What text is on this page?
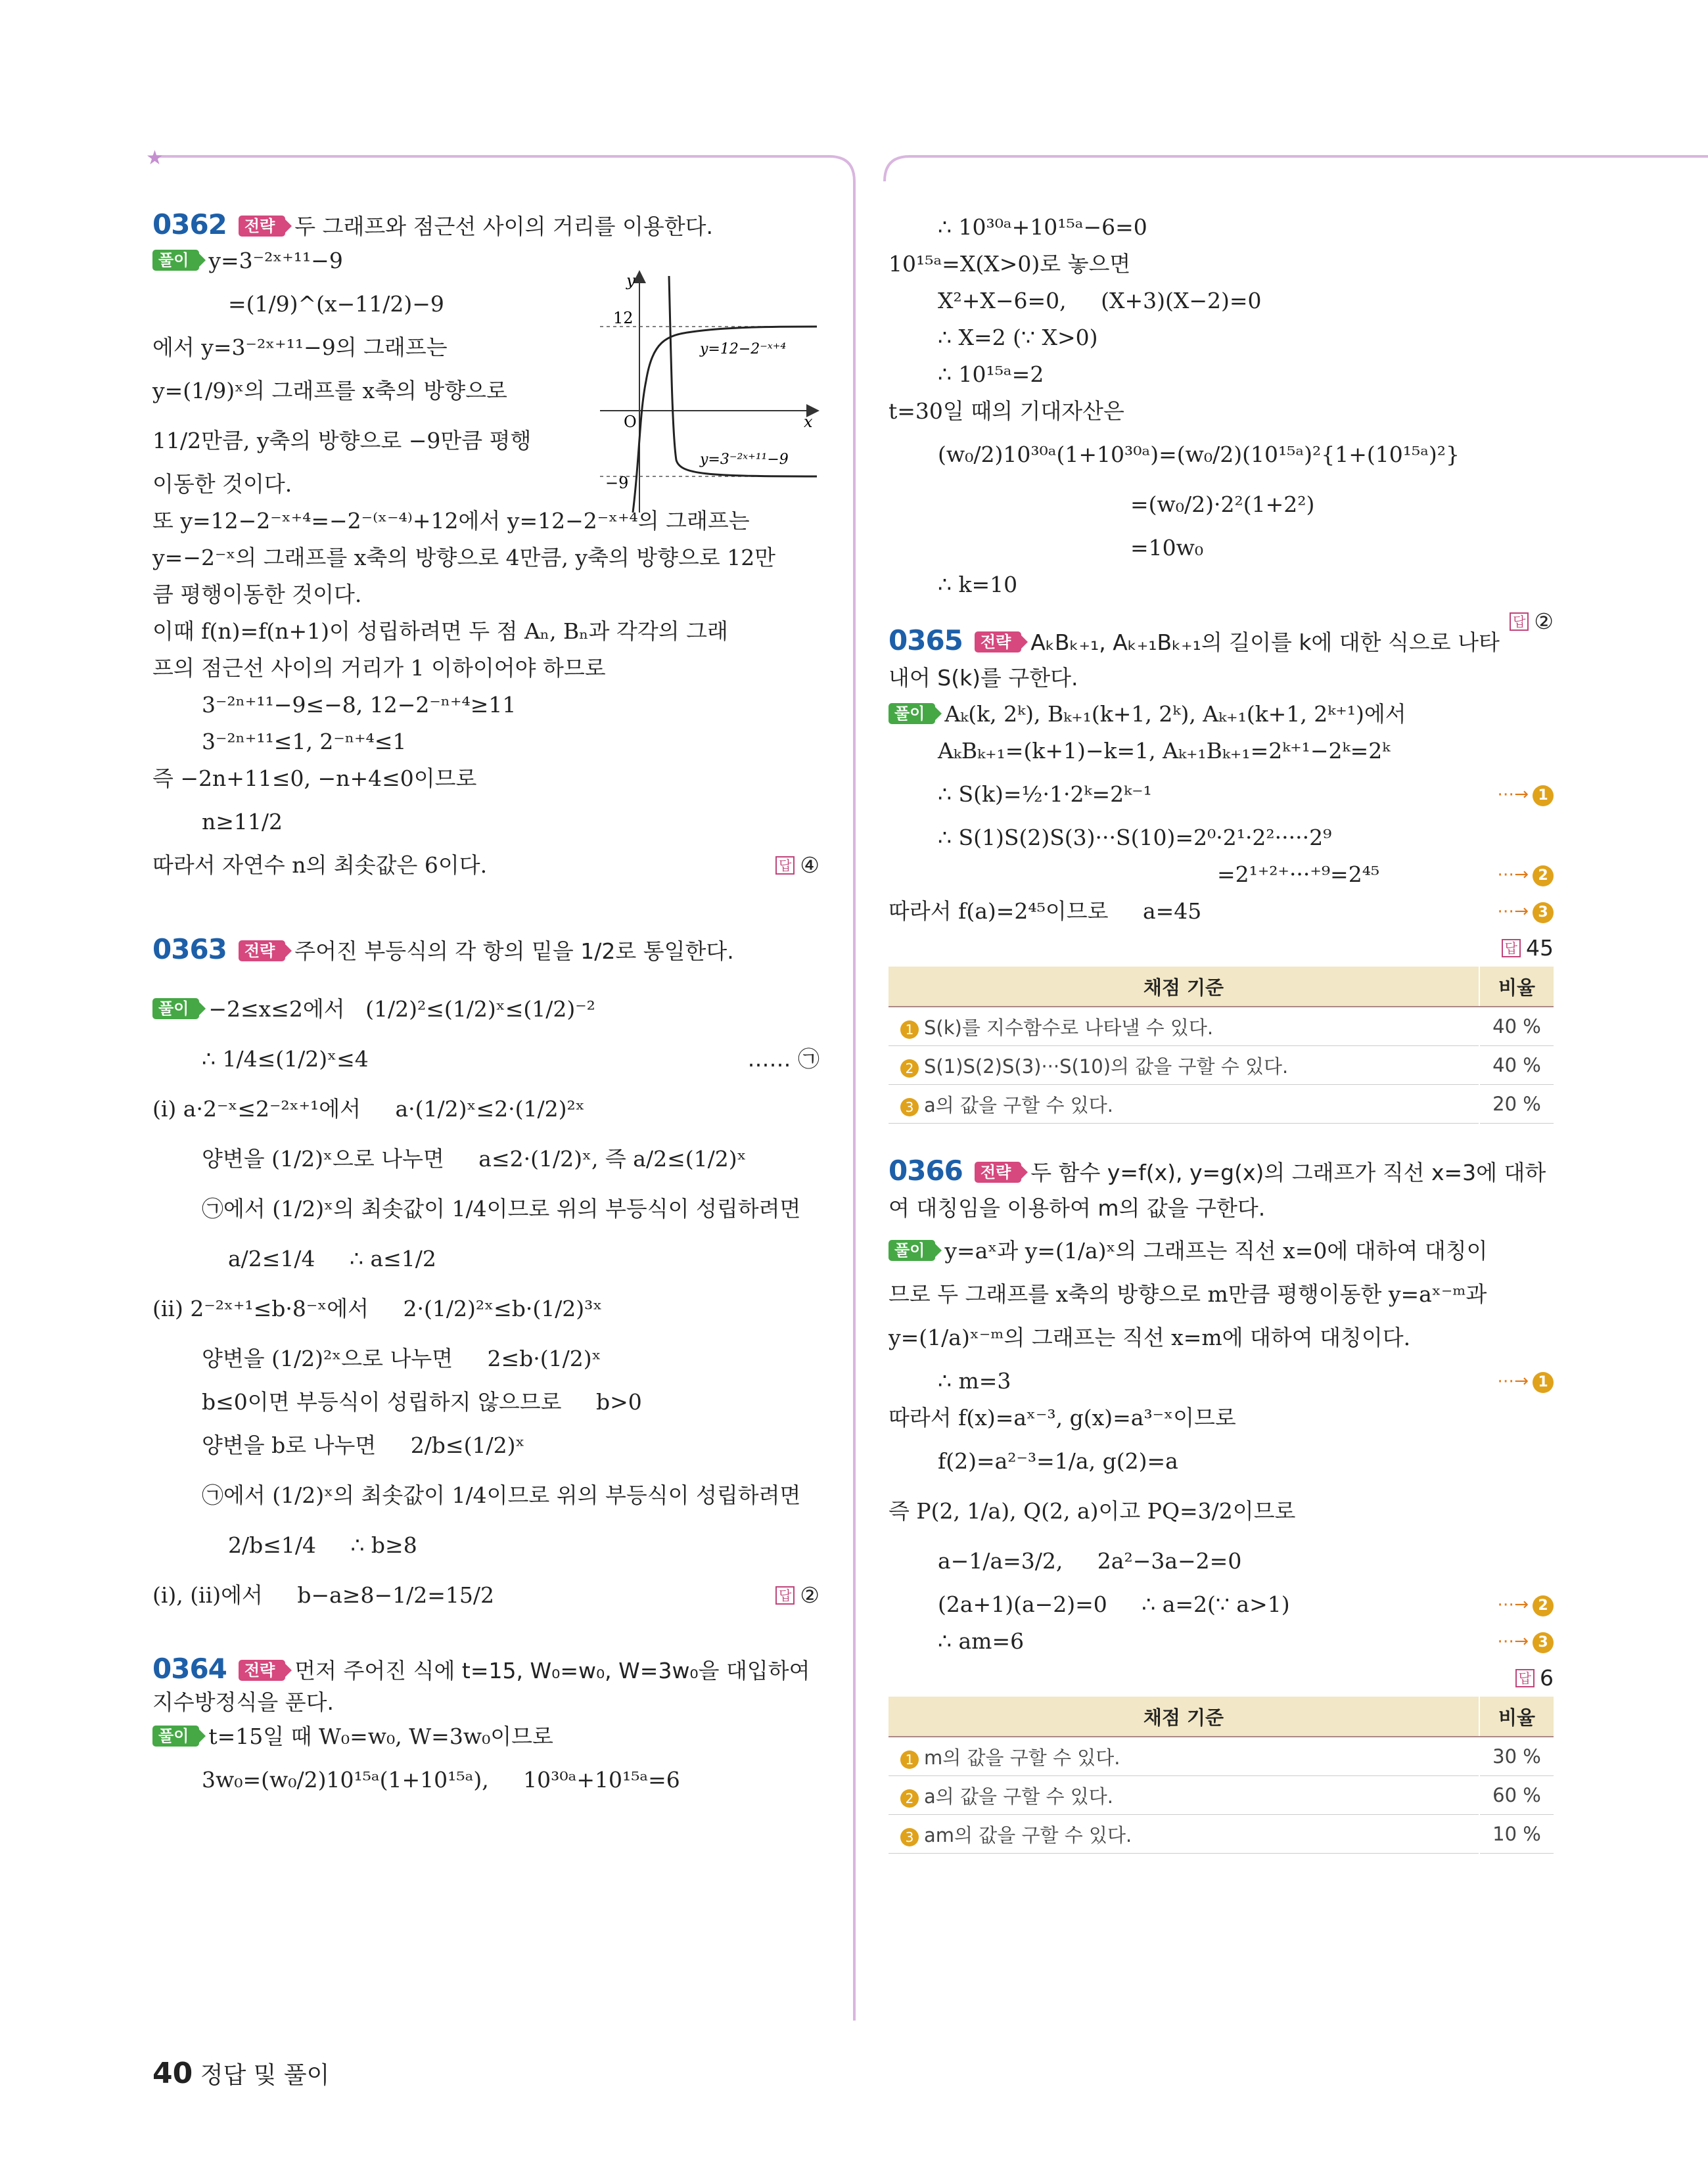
★

0362 전략 두 그래프와 점근선 사이의 거리를 이용한다.

풀이 y=3⁻²ˣ⁺¹¹−9

=(1/9)^(x−11/2)−9

에서 y=3⁻²ˣ⁺¹¹−9의 그래프는

y=(1/9)ˣ의 그래프를 x축의 방향으로

11/2만큼, y축의 방향으로 −9만큼 평행

이동한 것이다.

또 y=12−2⁻ˣ⁺⁴=−2⁻⁽ˣ⁻⁴⁾+12에서 y=12−2⁻ˣ⁺⁴의 그래프는

y=−2⁻ˣ의 그래프를 x축의 방향으로 4만큼, y축의 방향으로 12만

큼 평행이동한 것이다.

이때 f(n)=f(n+1)이 성립하려면 두 점 Aₙ, Bₙ과 각각의 그래

프의 점근선 사이의 거리가 1 이하이어야 하므로

3⁻²ⁿ⁺¹¹−9≤−8, 12−2⁻ⁿ⁺⁴≥11

3⁻²ⁿ⁺¹¹≤1, 2⁻ⁿ⁺⁴≤1

즉 −2n+11≤0, −n+4≤0이므로

n≥11/2

따라서 자연수 n의 최솟값은 6이다.	답 ④

0363 전략 주어진 부등식의 각 항의 밑을 1/2로 통일한다.

풀이 −2≤x≤2에서   (1/2)²≤(1/2)ˣ≤(1/2)⁻²

∴ 1/4≤(1/2)ˣ≤4	…… ㉠

(i) a·2⁻ˣ≤2⁻²ˣ⁺¹에서     a·(1/2)ˣ≤2·(1/2)²ˣ

양변을 (1/2)ˣ으로 나누면     a≤2·(1/2)ˣ, 즉 a/2≤(1/2)ˣ

㉠에서 (1/2)ˣ의 최솟값이 1/4이므로 위의 부등식이 성립하려면

a/2≤1/4     ∴ a≤1/2

(ii) 2⁻²ˣ⁺¹≤b·8⁻ˣ에서     2·(1/2)²ˣ≤b·(1/2)³ˣ

양변을 (1/2)²ˣ으로 나누면     2≤b·(1/2)ˣ

b≤0이면 부등식이 성립하지 않으므로     b>0

양변을 b로 나누면     2/b≤(1/2)ˣ

㉠에서 (1/2)ˣ의 최솟값이 1/4이므로 위의 부등식이 성립하려면

2/b≤1/4     ∴ b≥8

(i), (ii)에서     b−a≥8−1/2=15/2	답 ②

0364 전략 먼저 주어진 식에 t=15, W₀=w₀, W=3w₀을 대입하여 지수방정식을 푼다.

풀이 t=15일 때 W₀=w₀, W=3w₀이므로

3w₀=(w₀/2)10¹⁵ᵃ(1+10¹⁵ᵃ),     10³⁰ᵃ+10¹⁵ᵃ=6

y
x
O
12
−9
y=12−2⁻ˣ⁺⁴
y=3⁻²ˣ⁺¹¹−9

∴ 10³⁰ᵃ+10¹⁵ᵃ−6=0

10¹⁵ᵃ=X(X>0)로 놓으면

X²+X−6=0,     (X+3)(X−2)=0

∴ X=2 (∵ X>0)

∴ 10¹⁵ᵃ=2

t=30일 때의 기대자산은

(w₀/2)10³⁰ᵃ(1+10³⁰ᵃ)=(w₀/2)(10¹⁵ᵃ)²{1+(10¹⁵ᵃ)²}

=(w₀/2)·2²(1+2²)

=10w₀

∴ k=10

답 ②

0365 전략 AₖBₖ₊₁, Aₖ₊₁Bₖ₊₁의 길이를 k에 대한 식으로 나타내어 S(k)를 구한다.

풀이 Aₖ(k, 2ᵏ), Bₖ₊₁(k+1, 2ᵏ), Aₖ₊₁(k+1, 2ᵏ⁺¹)에서

AₖBₖ₊₁=(k+1)−k=1, Aₖ₊₁Bₖ₊₁=2ᵏ⁺¹−2ᵏ=2ᵏ

∴ S(k)=½·1·2ᵏ=2ᵏ⁻¹	⋯→ 1

∴ S(1)S(2)S(3)···S(10)=2⁰·2¹·2²·····2⁹

=2¹⁺²⁺···⁺⁹=2⁴⁵	⋯→ 2

따라서 f(a)=2⁴⁵이므로     a=45	⋯→ 3

답 45

채점 기준	비율
1 S(k)를 지수함수로 나타낼 수 있다.	40 %
2 S(1)S(2)S(3)···S(10)의 값을 구할 수 있다.	40 %
3 a의 값을 구할 수 있다.	20 %

0366 전략 두 함수 y=f(x), y=g(x)의 그래프가 직선 x=3에 대하여 대칭임을 이용하여 m의 값을 구한다.

풀이 y=aˣ과 y=(1/a)ˣ의 그래프는 직선 x=0에 대하여 대칭이

므로 두 그래프를 x축의 방향으로 m만큼 평행이동한 y=aˣ⁻ᵐ과

y=(1/a)ˣ⁻ᵐ의 그래프는 직선 x=m에 대하여 대칭이다.

∴ m=3	⋯→ 1

따라서 f(x)=aˣ⁻³, g(x)=a³⁻ˣ이므로

f(2)=a²⁻³=1/a, g(2)=a

즉 P(2, 1/a), Q(2, a)이고 PQ=3/2이므로

a−1/a=3/2,     2a²−3a−2=0

(2a+1)(a−2)=0     ∴ a=2(∵ a>1)	⋯→ 2

∴ am=6	⋯→ 3

답 6

채점 기준	비율
1 m의 값을 구할 수 있다.	30 %
2 a의 값을 구할 수 있다.	60 %
3 am의 값을 구할 수 있다.	10 %
40 정답 및 풀이
